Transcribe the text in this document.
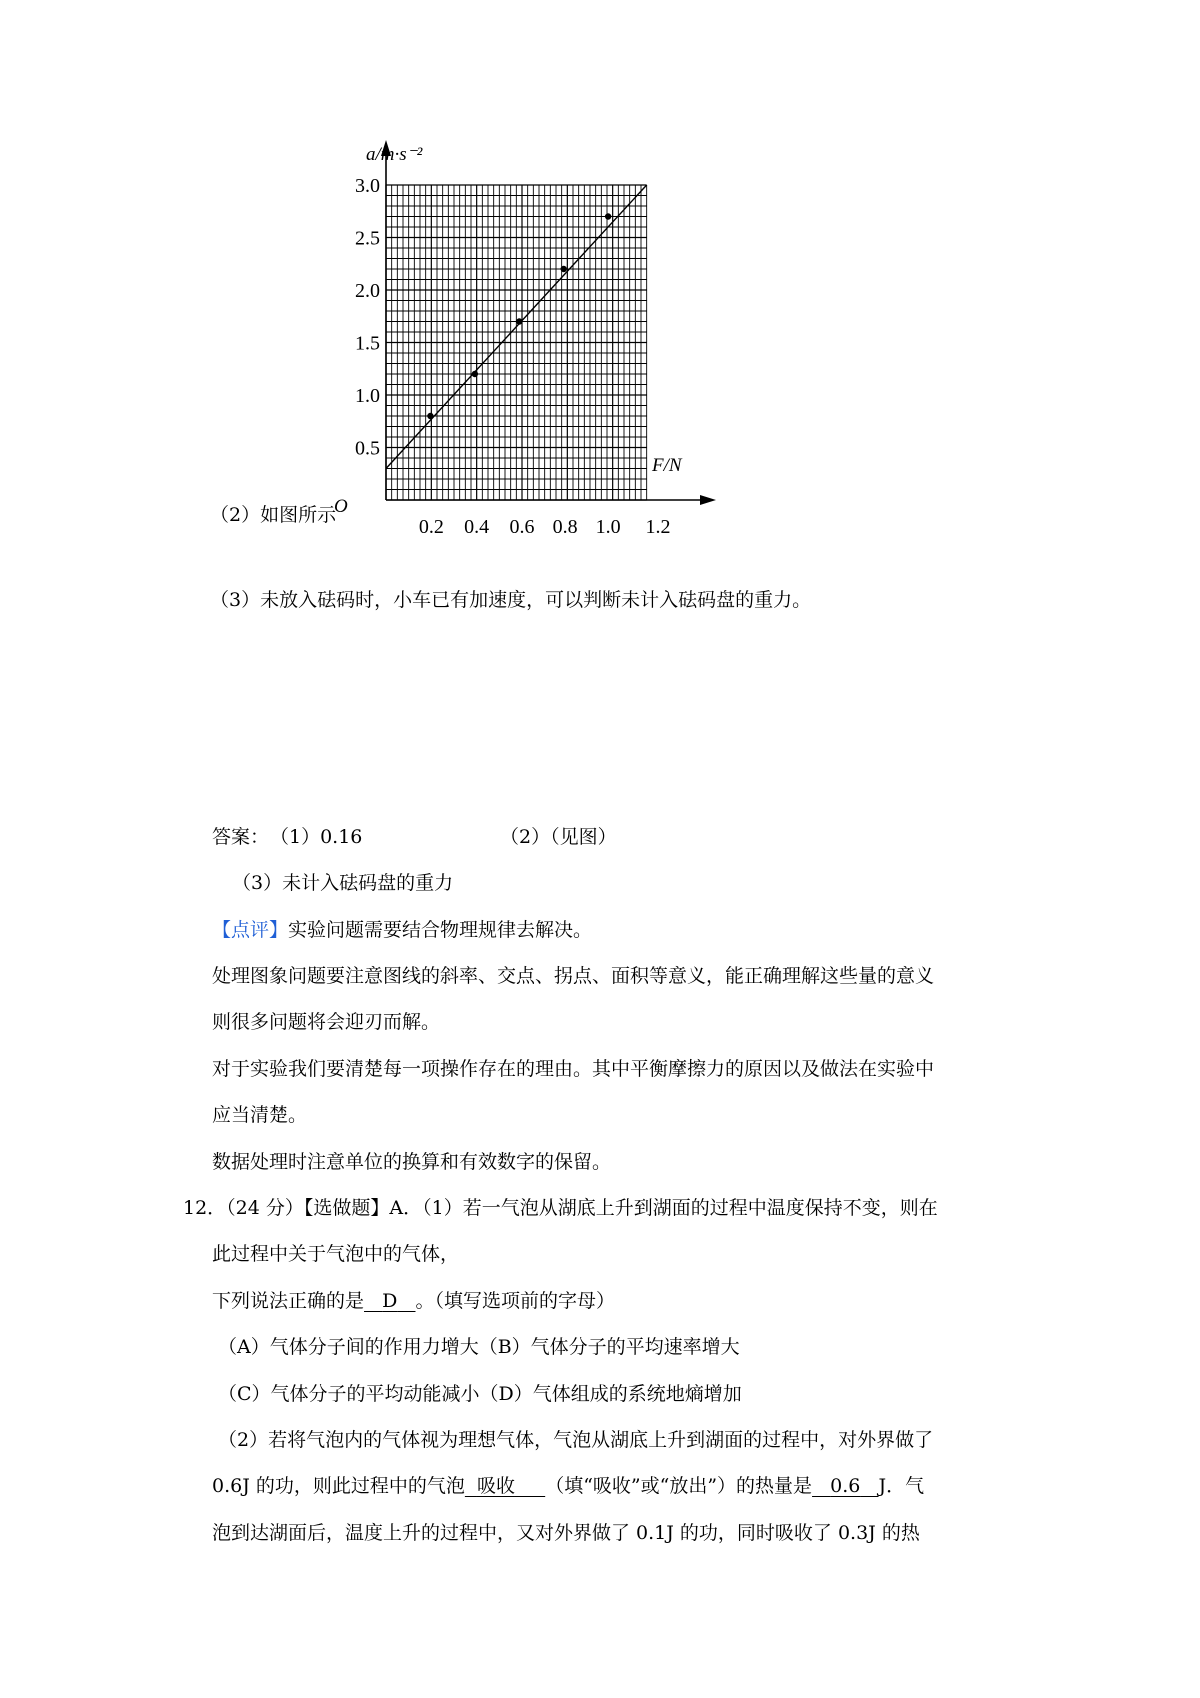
0.5
1.0
1.5
2.0
2.5
3.0
0.2 0.4 0.6 0.8 1.0 1.2
a/m·s⁻²
F/N
O
（2）如图所示
（3）未放入砝码时，小车已有加速度，可以判断未计入砝码盘的重力。
答案： （1）0.16	（2）（见图）
（3）未计入砝码盘的重力
【点评】实验问题需要结合物理规律去解决。
处理图象问题要注意图线的斜率、交点、拐点、面积等意义，能正确理解这些量的意义
则很多问题将会迎刃而解。
对于实验我们要清楚每一项操作存在的理由。其中平衡摩擦力的原因以及做法在实验中
应当清楚。
数据处理时注意单位的换算和有效数字的保留。
12．（24 分）【选做题】A．（1）若一气泡从湖底上升到湖面的过程中温度保持不变，则在
此过程中关于气泡中的气体，
下列说法正确的是 D 。（填写选项前的字母）
（A）气体分子间的作用力增大（B）气体分子的平均速率增大
（C）气体分子的平均动能减小（D）气体组成的系统地熵增加
（2）若将气泡内的气体视为理想气体，气泡从湖底上升到湖面的过程中，对外界做了
0.6J 的功，则此过程中的气泡 吸收 （填“吸收”或“放出”）的热量是 0.6 J．气
泡到达湖面后，温度上升的过程中，又对外界做了 0.1J 的功，同时吸收了 0.3J 的热
